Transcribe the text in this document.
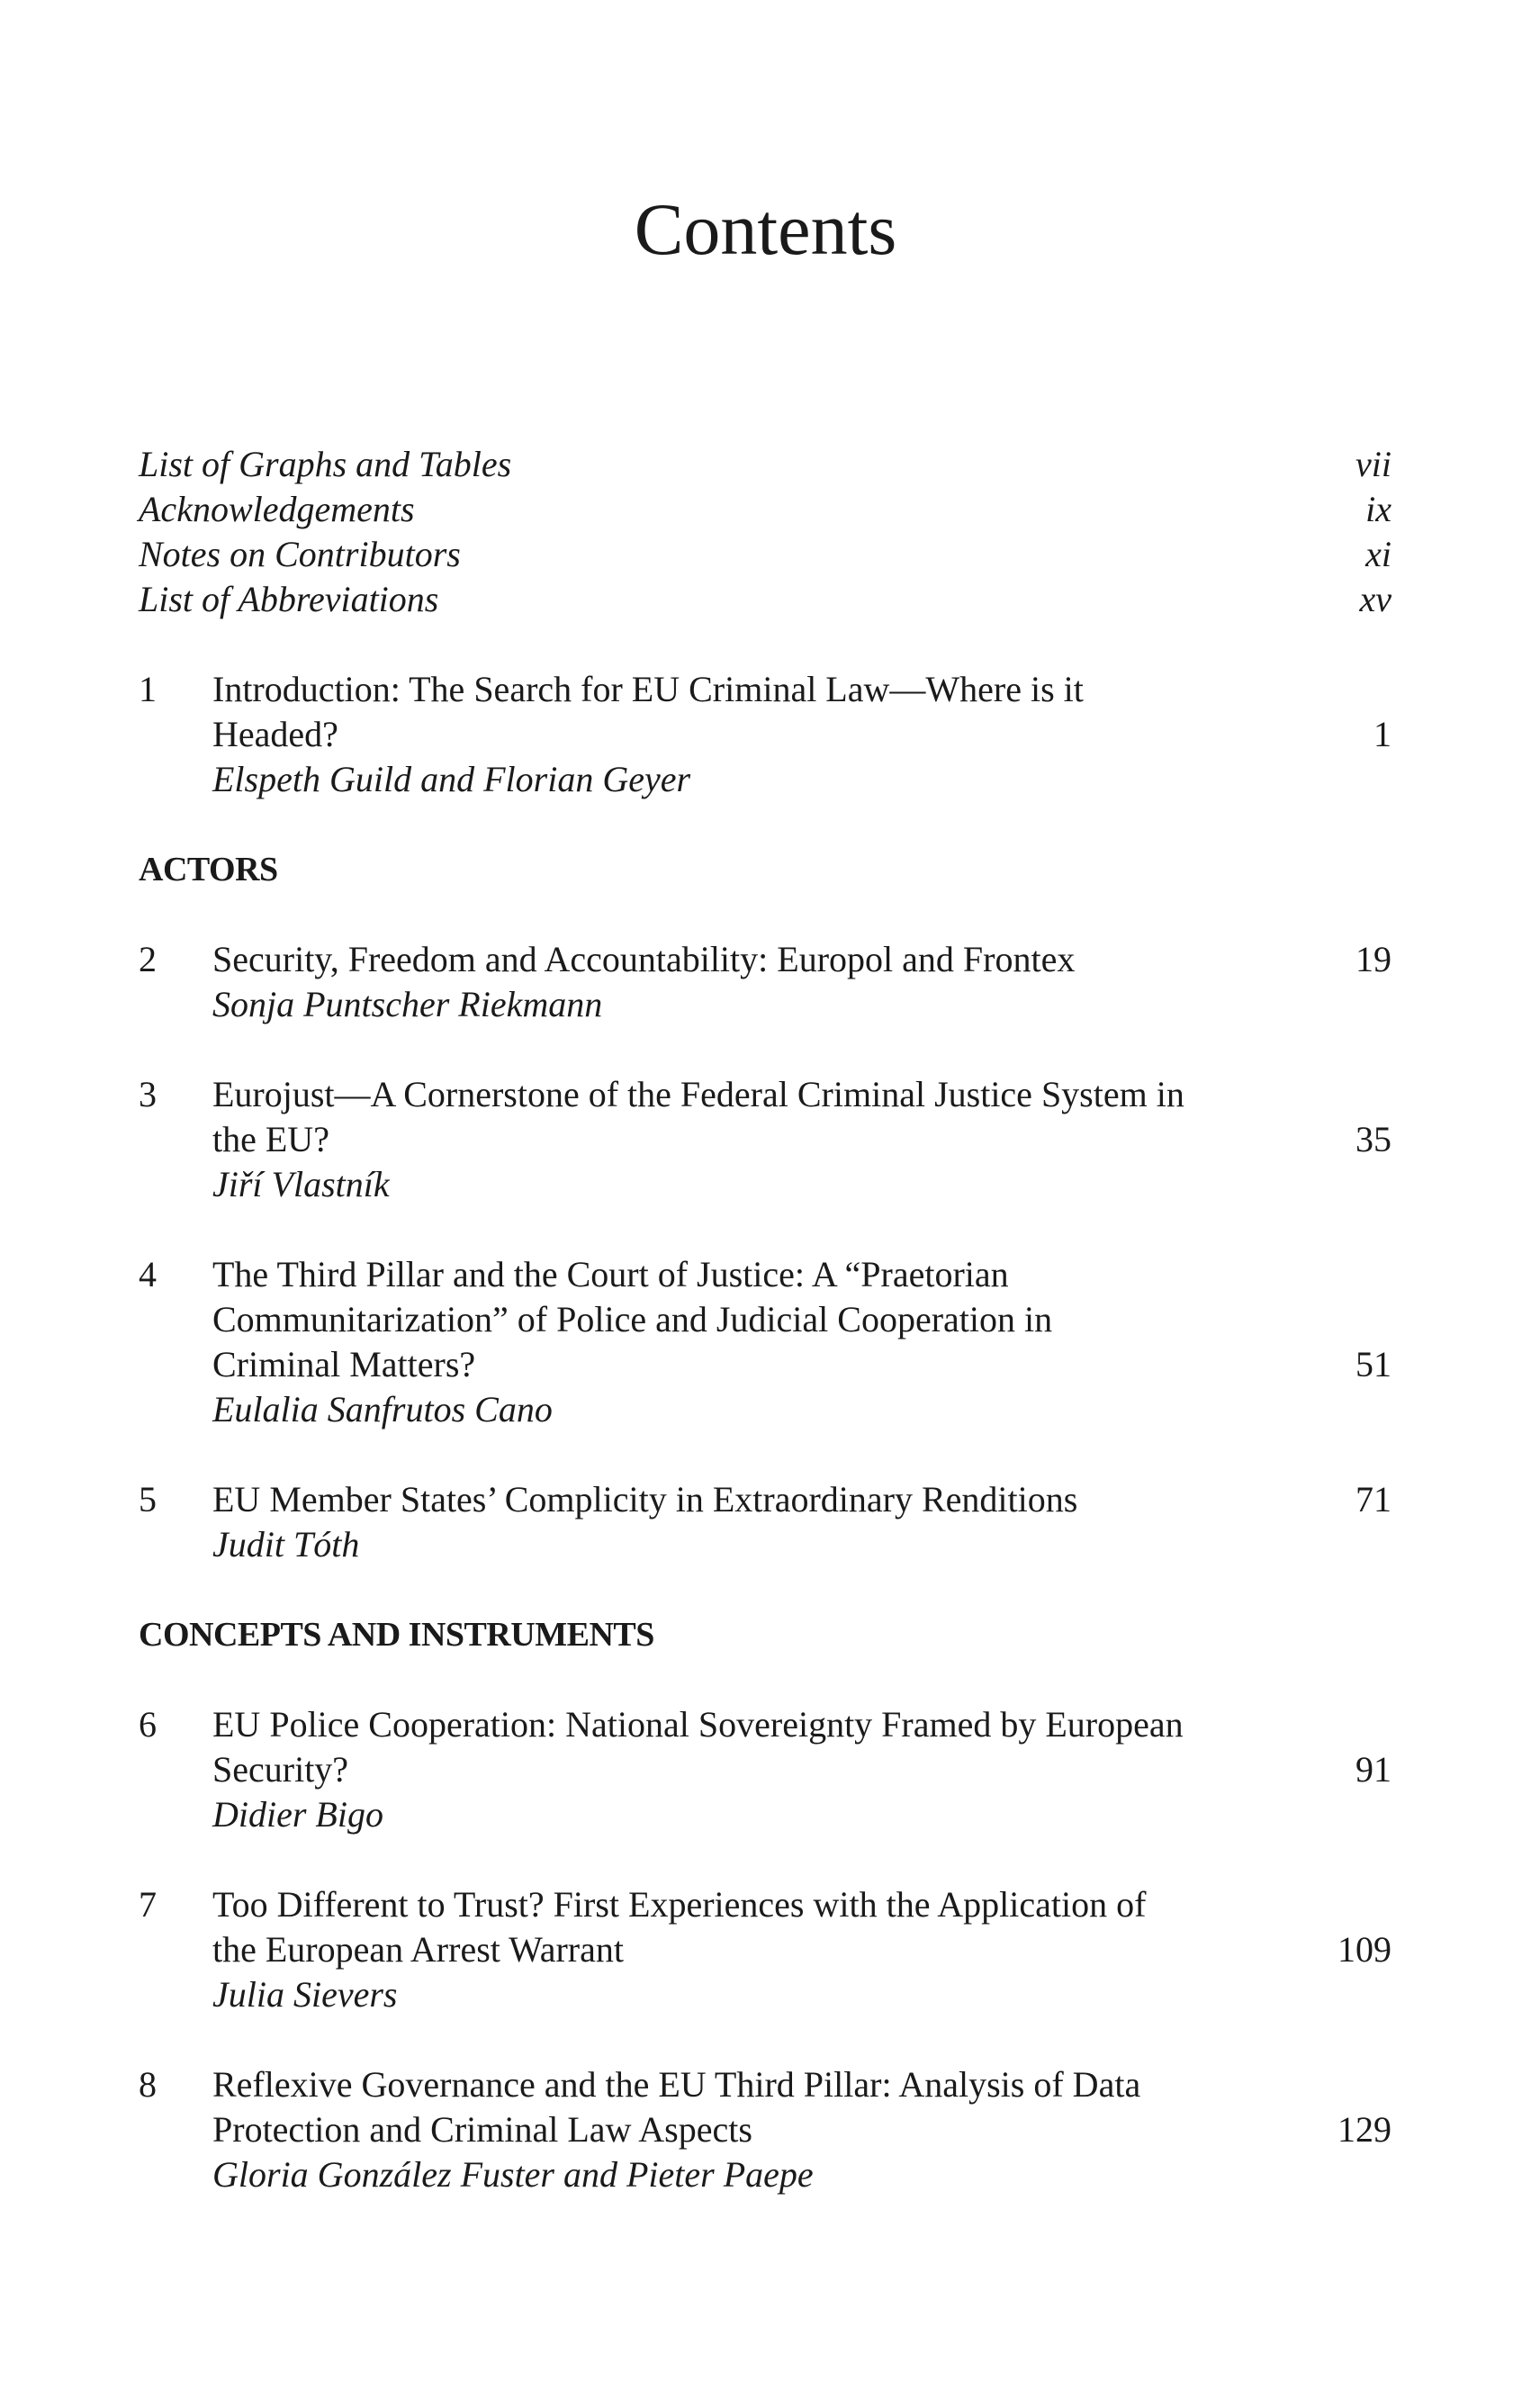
Contents
List of Graphs and Tables	vii
Acknowledgements	ix
Notes on Contributors	xi
List of Abbreviations	xv
1 Introduction: The Search for EU Criminal Law—Where is it
Headed?	1
Elspeth Guild and Florian Geyer
ACTORS
2 Security, Freedom and Accountability: Europol and Frontex	19
Sonja Puntscher Riekmann
3 Eurojust—A Cornerstone of the Federal Criminal Justice System in
the EU?	35
Jiří Vlastník
4 The Third Pillar and the Court of Justice: A “Praetorian
Communitarization” of Police and Judicial Cooperation in
Criminal Matters?	51
Eulalia Sanfrutos Cano
5 EU Member States’ Complicity in Extraordinary Renditions	71
Judit Tóth
CONCEPTS AND INSTRUMENTS
6 EU Police Cooperation: National Sovereignty Framed by European
Security?	91
Didier Bigo
7 Too Different to Trust? First Experiences with the Application of
the European Arrest Warrant	109
Julia Sievers
8 Reflexive Governance and the EU Third Pillar: Analysis of Data
Protection and Criminal Law Aspects	129
Gloria González Fuster and Pieter Paepe
